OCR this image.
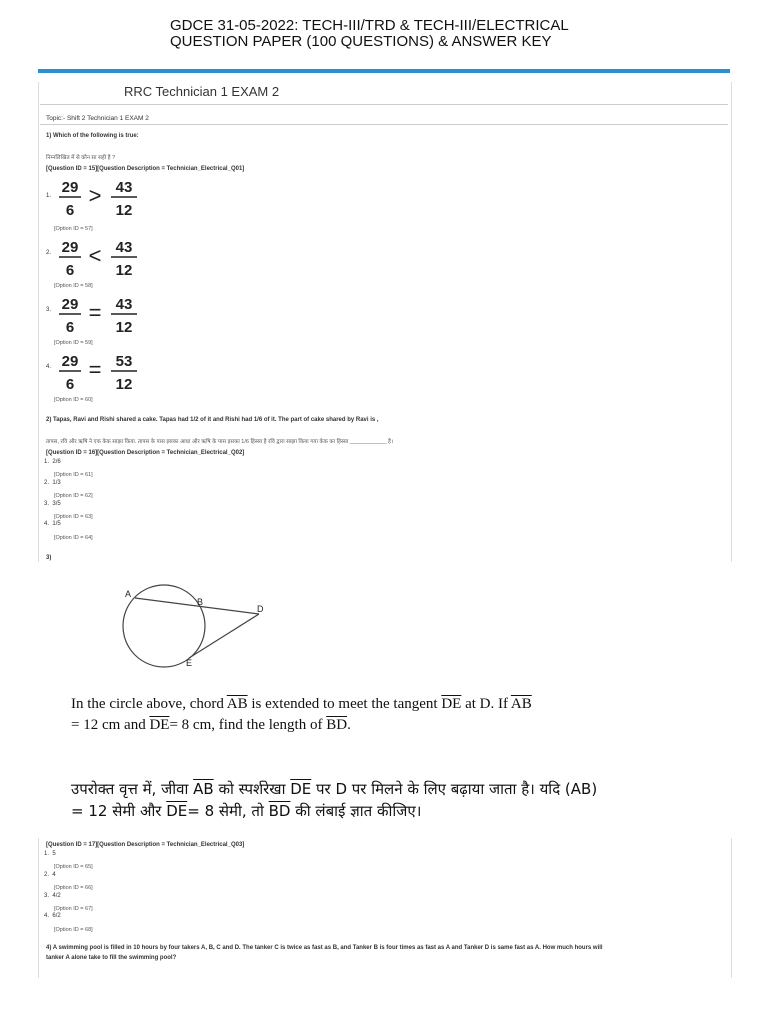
GDCE 31-05-2022: TECH-III/TRD & TECH-III/ELECTRICAL
QUESTION PAPER (100 QUESTIONS) & ANSWER KEY
RRC Technician 1 EXAM 2
Topic:- Shift 2 Technician 1 EXAM 2
1) Which of the following is true:
निम्नलिखित में से कौन सा सही है ?
[Question ID = 15][Question Description = Technician_Electrical_Q01]
1. 29
6
> 43
12
[Option ID = 57]
2. 29
6
< 43
12
[Option ID = 58]
3. 29
6
= 43
12
[Option ID = 59]
4. 29
6
= 53
12
[Option ID = 60]
2) Tapas, Ravi and Rishi shared a cake. Tapas had 1/2 of it and Rishi had 1/6 of it. The part of cake shared by Ravi is ,
तापस, रवि और ऋषि ने एक केक साझा किया. तापस के पास इसका आधा और ऋषि के पास इसका 1/6 हिस्सा है रवि द्वारा साझा किया गया केक का हिस्सा ____________ है।
[Question ID = 16][Question Description = Technician_Electrical_Q02]
1. 2/6
[Option ID = 61]
2. 1/3
[Option ID = 62]
3. 3/5
[Option ID = 63]
4. 1/5
[Option ID = 64]
3)
A
B
D
E
In the circle above, chord $\overline{AB}$ is extended to meet the tangent $\overline{DE}$ at D. If $\overline{AB}$
= 12 cm and $\overline{DE}= 8$ cm, find the length of $\overline{BD}$.
उपरोक्त वृत्त में, जीवा $\overline{AB}$ को स्पर्शरेखा $\overline{DE}$ पर D पर मिलने के लिए बढ़ाया जाता है। यदि (AB)
= 12 सेमी और $\overline{DE}= 8$ सेमी, तो $\overline{BD}$ की लंबाई ज्ञात कीजिए।
[Question ID = 17][Question Description = Technician_Electrical_Q03]
1. 5
[Option ID = 65]
2. 4
[Option ID = 66]
3. 4/2
[Option ID = 67]
4. 6/2
[Option ID = 68]
4) A swimming pool is filled in 10 hours by four takers A, B, C and D. The tanker C is twice as fast as B, and Tanker B is four times as fast as A and Tanker D is same fast as A. How much hours will
tanker A alone take to fill the swimming pool?
